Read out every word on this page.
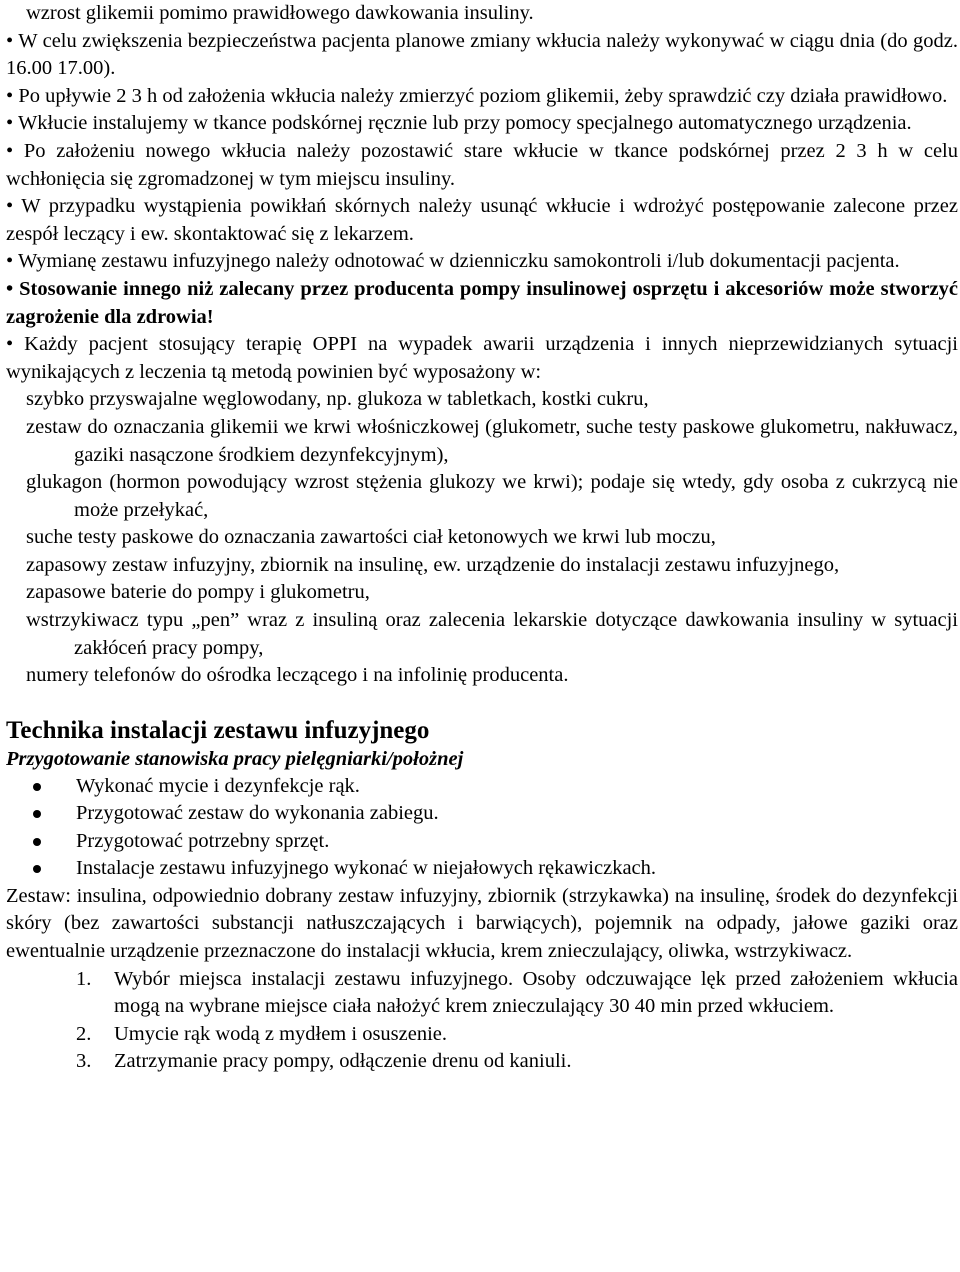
wzrost glikemii pomimo prawidłowego dawkowania insuliny.

• W celu zwiększenia bezpieczeństwa pacjenta planowe zmiany wkłucia należy wykonywać w ciągu dnia (do godz. 16.00 17.00).

• Po upływie 2 3 h od założenia wkłucia należy zmierzyć poziom glikemii, żeby sprawdzić czy działa prawidłowo.

• Wkłucie instalujemy w tkance podskórnej ręcznie lub przy pomocy specjalnego automatycznego urządzenia.

• Po założeniu nowego wkłucia należy pozostawić stare wkłucie w tkance podskórnej przez 2 3 h w celu wchłonięcia się zgromadzonej w tym miejscu insuliny.

• W przypadku wystąpienia powikłań skórnych należy usunąć wkłucie i wdrożyć postępowanie zalecone przez zespół leczący i ew. skontaktować się z lekarzem.

• Wymianę zestawu infuzyjnego należy odnotować w dzienniczku samokontroli i/lub dokumentacji pacjenta.

• Stosowanie innego niż zalecany przez producenta pompy insulinowej osprzętu i akcesoriów może stworzyć zagrożenie dla zdrowia!

• Każdy pacjent stosujący terapię OPPI na wypadek awarii urządzenia i innych nieprzewidzianych sytuacji wynikających z leczenia tą metodą powinien być wyposażony w:

szybko przyswajalne węglowodany, np. glukoza w tabletkach, kostki cukru,

zestaw do oznaczania glikemii we krwi włośniczkowej (glukometr, suche testy paskowe glukometru, nakłuwacz, gaziki nasączone środkiem dezynfekcyjnym),

glukagon (hormon powodujący wzrost stężenia glukozy we krwi); podaje się wtedy, gdy osoba z cukrzycą nie może przełykać,

suche testy paskowe do oznaczania zawartości ciał ketonowych we krwi lub moczu,

zapasowy zestaw infuzyjny, zbiornik na insulinę, ew. urządzenie do instalacji zestawu infuzyjnego,

zapasowe baterie do pompy i glukometru,

wstrzykiwacz typu „pen” wraz z insuliną oraz zalecenia lekarskie dotyczące dawkowania insuliny w sytuacji zakłóceń pracy pompy,

numery telefonów do ośrodka leczącego i na infolinię producenta.

Technika instalacji zestawu infuzyjnego

Przygotowanie stanowiska pracy pielęgniarki/położnej

Wykonać mycie i dezynfekcje rąk.
Przygotować zestaw do wykonania zabiegu.
Przygotować potrzebny sprzęt.
Instalacje zestawu infuzyjnego wykonać w niejałowych rękawiczkach.

Zestaw: insulina, odpowiednio dobrany zestaw infuzyjny, zbiornik (strzykawka) na insulinę, środek do dezynfekcji skóry (bez zawartości substancji natłuszczających i barwiących), pojemnik na odpady, jałowe gaziki oraz ewentualnie urządzenie przeznaczone do instalacji wkłucia, krem znieczulający, oliwka, wstrzykiwacz.

1. Wybór miejsca instalacji zestawu infuzyjnego. Osoby odczuwające lęk przed założeniem wkłucia mogą na wybrane miejsce ciała nałożyć krem znieczulający 30 40 min przed wkłuciem.
2. Umycie rąk wodą z mydłem i osuszenie.
3. Zatrzymanie pracy pompy, odłączenie drenu od kaniuli.
